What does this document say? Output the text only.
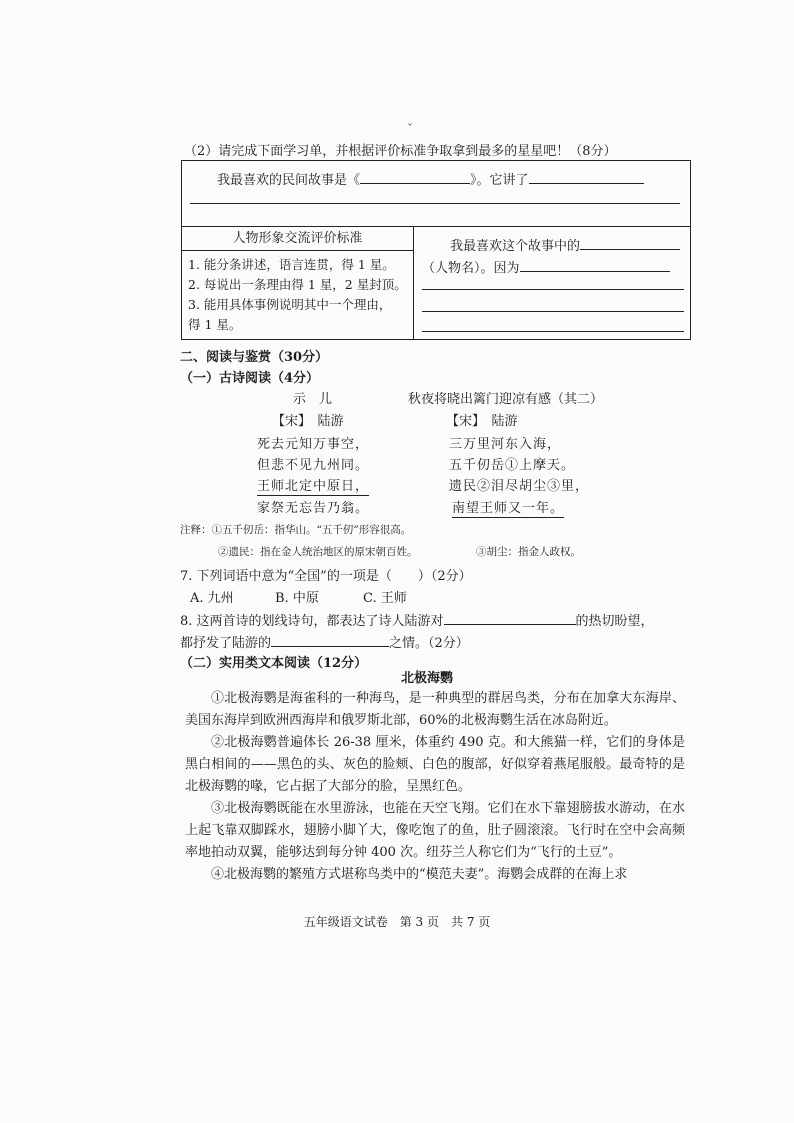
ˇ
（2）请完成下面学习单，并根据评价标准争取拿到最多的星星吧！（8分）
我最喜欢的民间故事是《	》。它讲了
人物形象交流评价标准
1. 能分条讲述，语言连贯，得 1 星。
2. 每说出一条理由得 1 星，2 星封顶。
3. 能用具体事例说明其中一个理由，
得 1 星。
我最喜欢这个故事中的
（人物名）。因为
二、阅读与鉴赏（30分）
（一）古诗阅读（4分）
示　儿
【宋】　陆游
死去元知万事空，
但悲不见九州同。
王师北定中原日，
家祭无忘告乃翁。
秋夜将晓出篱门迎凉有感（其二）
【宋】　陆游
三万里河东入海，
五千仞岳①上摩天。
遗民②泪尽胡尘③里，
南望王师又一年。
注释：①五千仞岳：指华山。“五千仞”形容很高。
②遗民：指在金人统治地区的原宋朝百姓。	③胡尘：指金人政权。
7. 下列词语中意为“全国”的一项是（　　）（2分）
A. 九州	B. 中原	C. 王师
8. 这两首诗的划线诗句，都表达了诗人陆游对	的热切盼望，
都抒发了陆游的	之情。（2分）
（二）实用类文本阅读（12分）
北极海鹦
①北极海鹦是海雀科的一种海鸟，是一种典型的群居鸟类，分布在加拿大东海岸、美国东海岸到欧洲西海岸和俄罗斯北部，60%的北极海鹦生活在冰岛附近。
②北极海鹦普遍体长 26-38 厘米，体重约 490 克。和大熊猫一样，它们的身体是黑白相间的——黑色的头、灰色的脸颊、白色的腹部，好似穿着燕尾服般。最奇特的是北极海鹦的喙，它占据了大部分的脸，呈黑红色。
③北极海鹦既能在水里游泳，也能在天空飞翔。它们在水下靠翅膀拔水游动，在水上起飞靠双脚踩水，翅膀小脚丫大，像吃饱了的鱼，肚子圆滚滚。飞行时在空中会高频率地拍动双翼，能够达到每分钟 400 次。纽芬兰人称它们为“飞行的土豆”。
④北极海鹦的繁殖方式堪称鸟类中的“模范夫妻”。海鹦会成群的在海上求
五年级语文试卷　第 3 页　共 7 页
